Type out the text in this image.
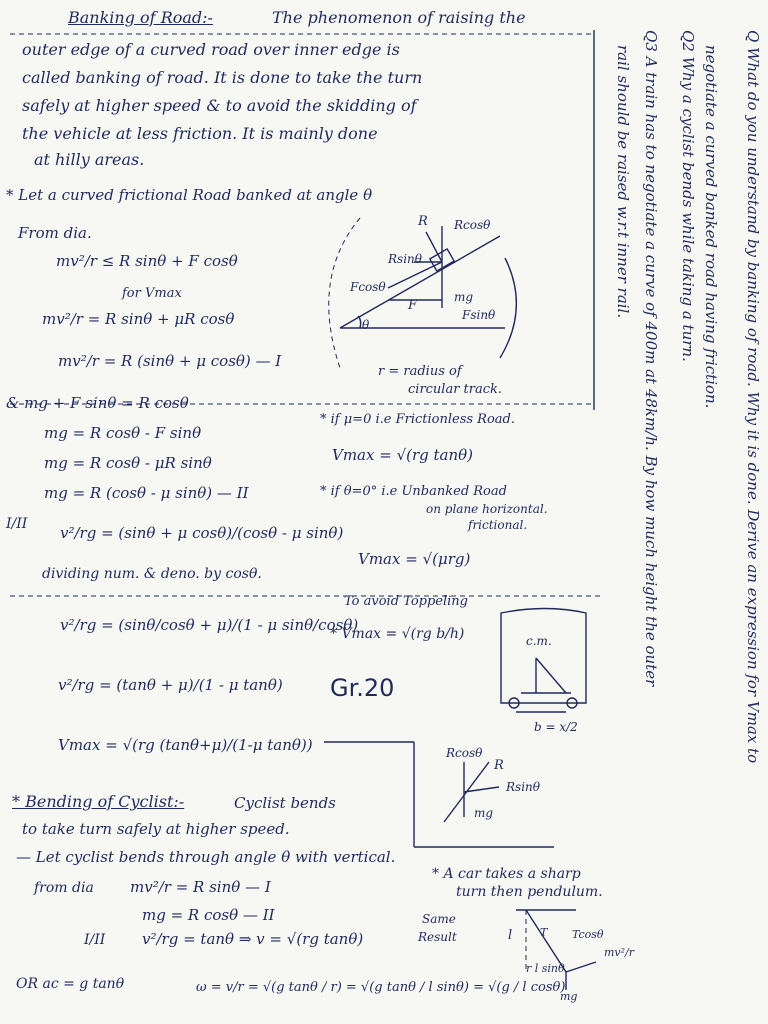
Q What do you understand by banking of road. Why it is done. Derive an expression for Vmax to
negotiate a curved banked road having friction.
Q2 Why a cyclist bends while taking a turn.
Q3 A train has to negotiate a curve of 400m at 48km/h. By how much height the outer
rail should be raised w.r.t inner rail.
Banking of Road:-	The phenomenon of raising the
outer edge of a curved road over inner edge is
called banking of road. It is done to take the turn
safely at higher speed & to avoid the skidding of
the vehicle at less friction. It is mainly done
at hilly areas.
* Let a curved frictional Road banked at angle θ
From dia.
mv²/r ≤ R sinθ + F cosθ
for Vmax
mv²/r = R sinθ + μR cosθ
mv²/r = R (sinθ + μ cosθ) — I
& mg + F sinθ = R cosθ
mg = R cosθ - F sinθ
mg = R cosθ - μR sinθ
mg = R (cosθ - μ sinθ) — II
I/II v²/rg = (sinθ + μ cosθ)/(cosθ - μ sinθ)
dividing num. & deno. by cosθ.
v²/rg = (sinθ/cosθ + μ)/(1 - μ sinθ/cosθ)
v²/rg = (tanθ + μ)/(1 - μ tanθ)
Vmax = √(rg (tanθ+μ)/(1-μ tanθ))
r = radius of
circular track.
* if μ=0 i.e Frictionless Road.
Vmax = √(rg tanθ)
* if θ=0° i.e Unbanked Road
on plane horizontal.
frictional.
Vmax = √(μrg)
To avoid Toppeling
* Vmax = √(rg b/h)
Gr.20
R Rcosθ
Rsinθ
Fcosθ
F
mg
Fsinθ
θ
c.m.
b = x/2
Rcosθ
R
Rsinθ
mg
* Bending of Cyclist:-	Cyclist bends
to take turn safely at higher speed.
— Let cyclist bends through angle θ with vertical.
from dia mv²/r = R sinθ — I
mg = R cosθ — II
I/II v²/rg = tanθ ⇒ v = √(rg tanθ)
Same
Result
OR ac = g tanθ	ω = v/r = √(g tanθ / r) = √(g tanθ / l sinθ) = √(g / l cosθ)
* A car takes a sharp
turn then pendulum.
l	T Tcosθ
mv²/r
r l sinθ
mg
